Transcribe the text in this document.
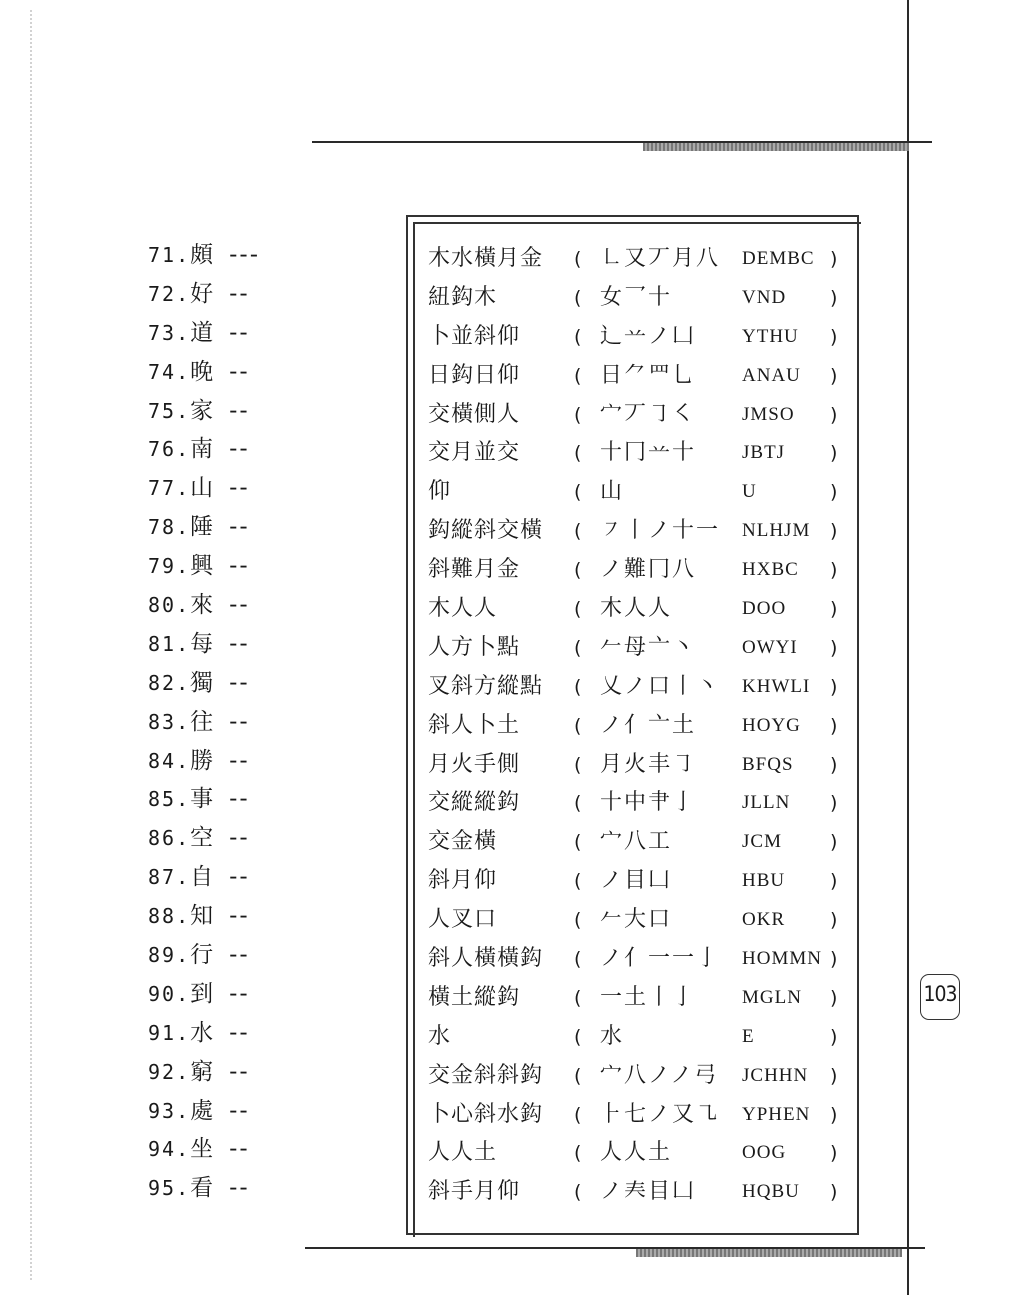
103
71.頗 ---
72.好 --
73.道 --
74.晚 --
75.家 --
76.南 --
77.山 --
78.陲 --
79.興 --
80.來 --
81.每 --
82.獨 --
83.往 --
84.勝 --
85.事 --
86.空 --
87.自 --
88.知 --
89.行 --
90.到 --
91.水 --
92.窮 --
93.處 --
94.坐 --
95.看 --
木水橫月金 ( ㇗又丆月八 DEMBC )
紐鈎木	( 女乛十	VND )
卜並斜仰	( ⻌䒑ノ凵 YTHU )
日鈎日仰	( 日⺈罒乚 ANAU )
交橫側人	( 宀丆㇆㇛ JMSO )
交月並交	( 十冂䒑十 JBTJ )
仰	( 山	U	)
鈎縱斜交橫 ( ㇇丨ノ十一 NLHJM )
斜難月金	( ノ難冂八 HXBC )
木人人	( 木人人	DOO )
人方卜點	( 𠂉母亠丶 OWYI )
叉斜方縱點 ( 乂ノ口丨丶 KHWLI )
斜人卜土	( ノ亻亠土 HOYG )
月火手側	( 月火丰㇆ BFQS )
交縱縱鈎	( 十中肀亅 JLLN )
交金橫	( 宀八工	JCM	)
斜月仰	( ノ目凵	HBU )
人叉口	( 𠂉大口	OKR )
斜人橫橫鈎 ( ノ亻一一亅 HOMMN )
橫土縱鈎	( 一土丨亅 MGLN )
水	( 水	E	)
交金斜斜鈎 ( 宀八ノノ弓 JCHHN )
卜心斜水鈎 ( ⺊七ノ又㇈ YPHEN )
人人土	( 人人土	OOG )
斜手月仰	( ノ𡗗目凵 HQBU )
